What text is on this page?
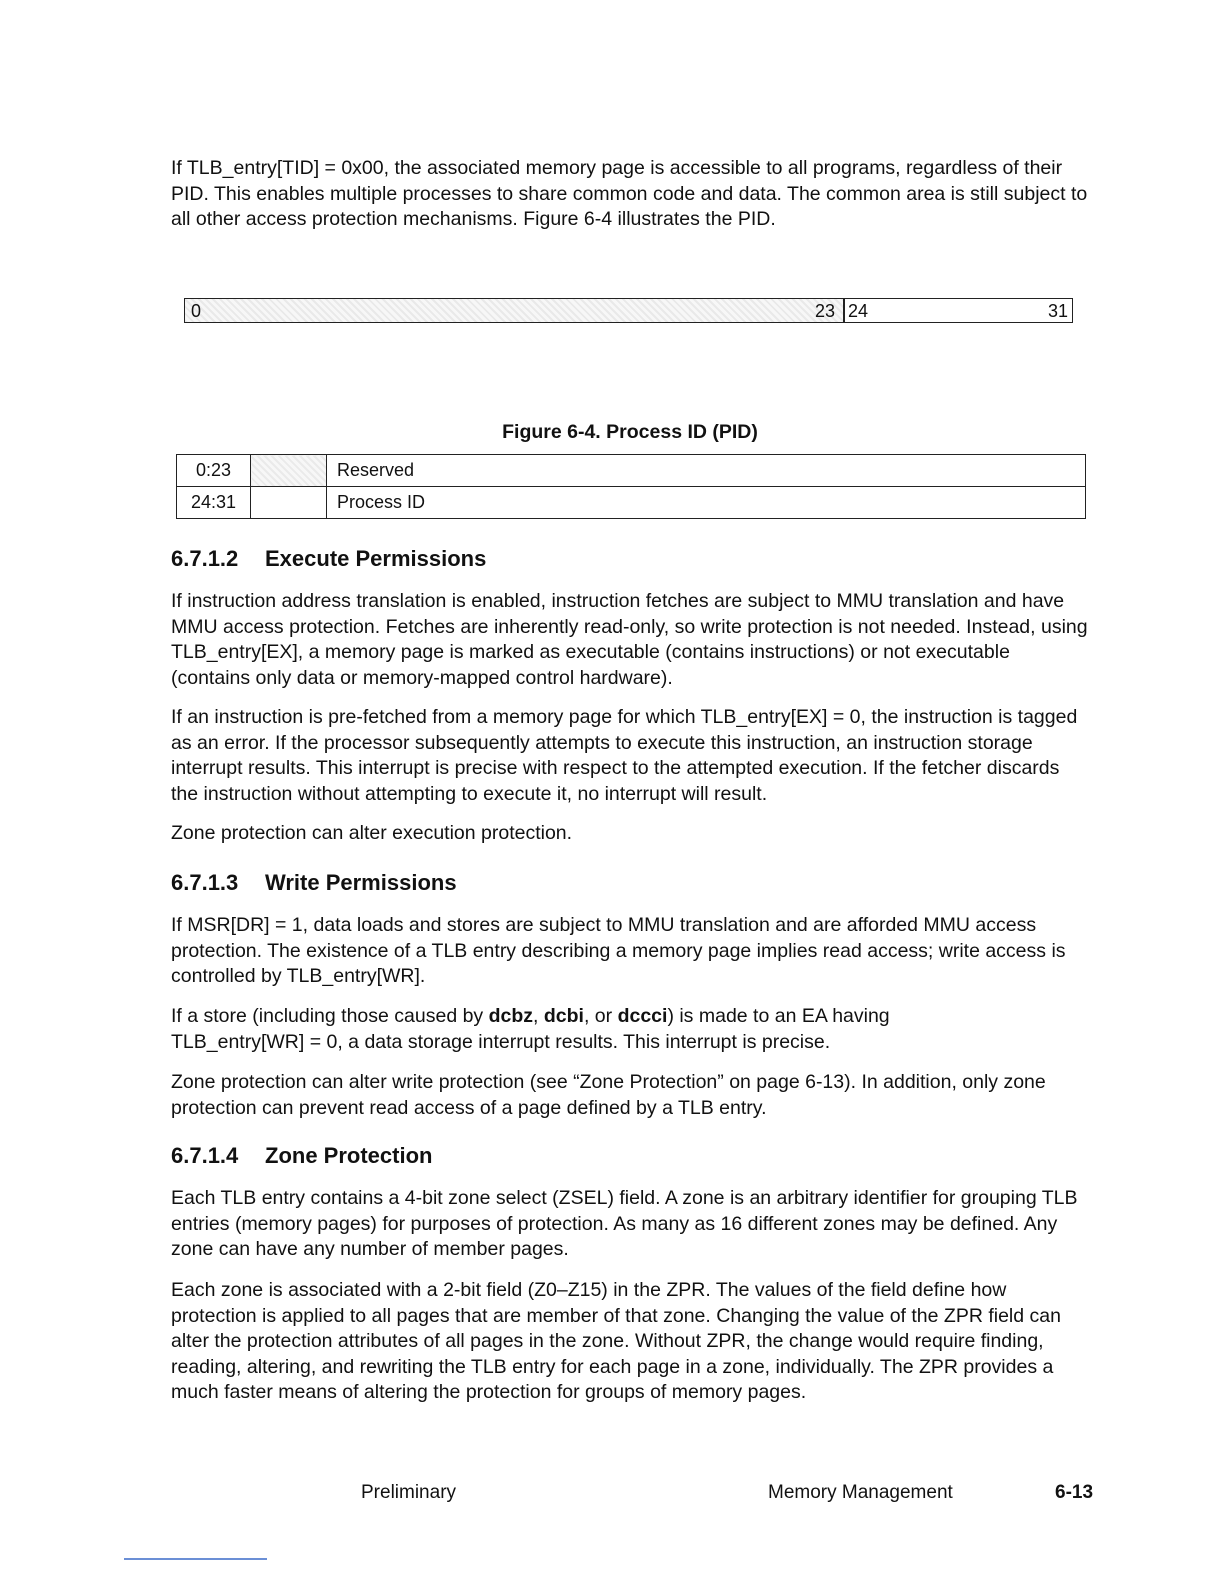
If TLB_entry[TID] = 0x00, the associated memory page is accessible to all programs, regardless of their PID. This enables multiple processes to share common code and data. The common area is still subject to all other access protection mechanisms. Figure 6-4 illustrates the PID.

0	23 24	31

Figure 6-4. Process ID (PID)

0:23		Reserved
24:31		Process ID
6.7.1.2 Execute Permissions

If instruction address translation is enabled, instruction fetches are subject to MMU translation and have MMU access protection. Fetches are inherently read-only, so write protection is not needed. Instead, using TLB_entry[EX], a memory page is marked as executable (contains instructions) or not executable (contains only data or memory-mapped control hardware).

If an instruction is pre-fetched from a memory page for which TLB_entry[EX] = 0, the instruction is tagged as an error. If the processor subsequently attempts to execute this instruction, an instruction storage interrupt results. This interrupt is precise with respect to the attempted execution. If the fetcher discards the instruction without attempting to execute it, no interrupt will result.

Zone protection can alter execution protection.

6.7.1.3 Write Permissions

If MSR[DR] = 1, data loads and stores are subject to MMU translation and are afforded MMU access protection. The existence of a TLB entry describing a memory page implies read access; write access is controlled by TLB_entry[WR].

If a store (including those caused by dcbz, dcbi, or dccci) is made to an EA having TLB_entry[WR] = 0, a data storage interrupt results. This interrupt is precise.

Zone protection can alter write protection (see “Zone Protection” on page 6-13). In addition, only zone protection can prevent read access of a page defined by a TLB entry.

6.7.1.4 Zone Protection

Each TLB entry contains a 4-bit zone select (ZSEL) field. A zone is an arbitrary identifier for grouping TLB entries (memory pages) for purposes of protection. As many as 16 different zones may be defined. Any zone can have any number of member pages.

Each zone is associated with a 2-bit field (Z0–Z15) in the ZPR. The values of the field define how protection is applied to all pages that are member of that zone. Changing the value of the ZPR field can alter the protection attributes of all pages in the zone. Without ZPR, the change would require finding, reading, altering, and rewriting the TLB entry for each page in a zone, individually. The ZPR provides a much faster means of altering the protection for groups of memory pages.

Preliminary	Memory Management	6-13
